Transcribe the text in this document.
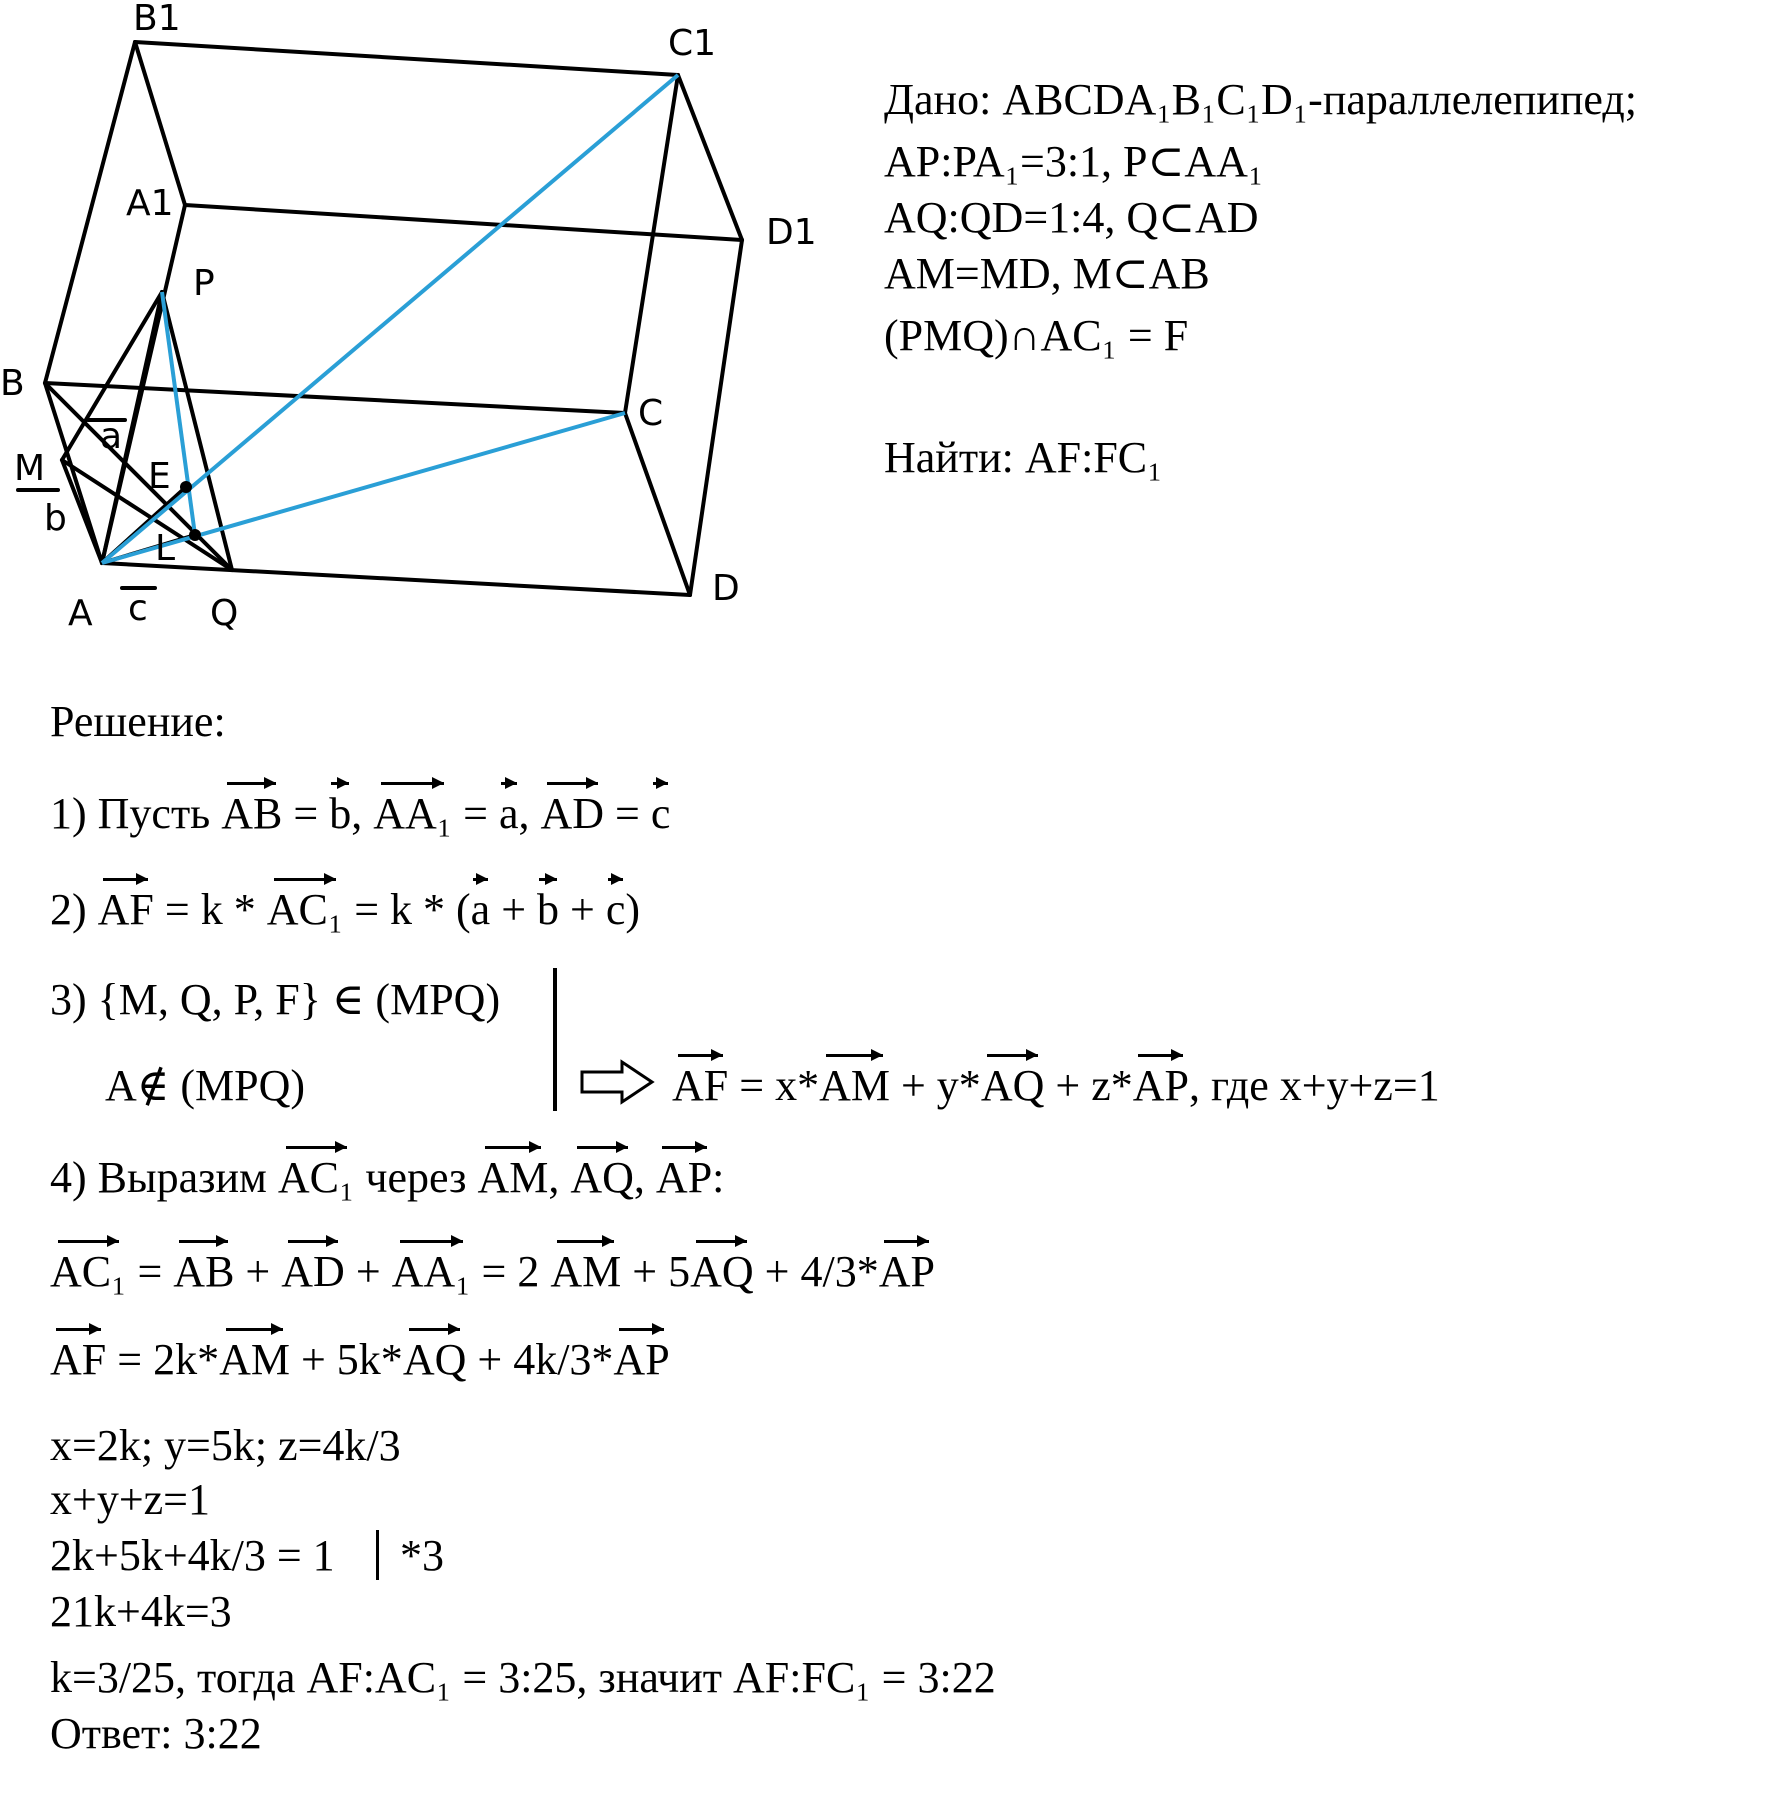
B1
C1
A1
D1
P
B
C
M	E
L
A	Q
D
a
b
c
Дано: ABCDA₁B₁C₁D₁-параллелепипед;
AP:PA₁=3:1, P⊂AA₁
AQ:QD=1:4, Q⊂AD
AM=MD, M⊂AB
(PMQ)∩AC₁ = F
Найти: AF:FC₁
Решение:
1) Пусть AB = b, AA₁ = a, AD = c
2) AF = k * AC₁ = k * (a + b + c)
3) {M, Q, P, F} ∈ (MPQ)
A∉ (MPQ)	AF = x*AM + y*AQ + z*AP, где x+y+z=1
4) Выразим AC₁ через AM, AQ, AP:
AC₁ = AB + AD + AA₁ = 2 AM + 5AQ + 4/3*AP
AF = 2k*AM + 5k*AQ + 4k/3*AP
x=2k; y=5k; z=4k/3
x+y+z=1
2k+5k+4k/3 = 1 *3
21k+4k=3
k=3/25, тогда AF:AC₁ = 3:25, значит AF:FC₁ = 3:22
Ответ: 3:22
